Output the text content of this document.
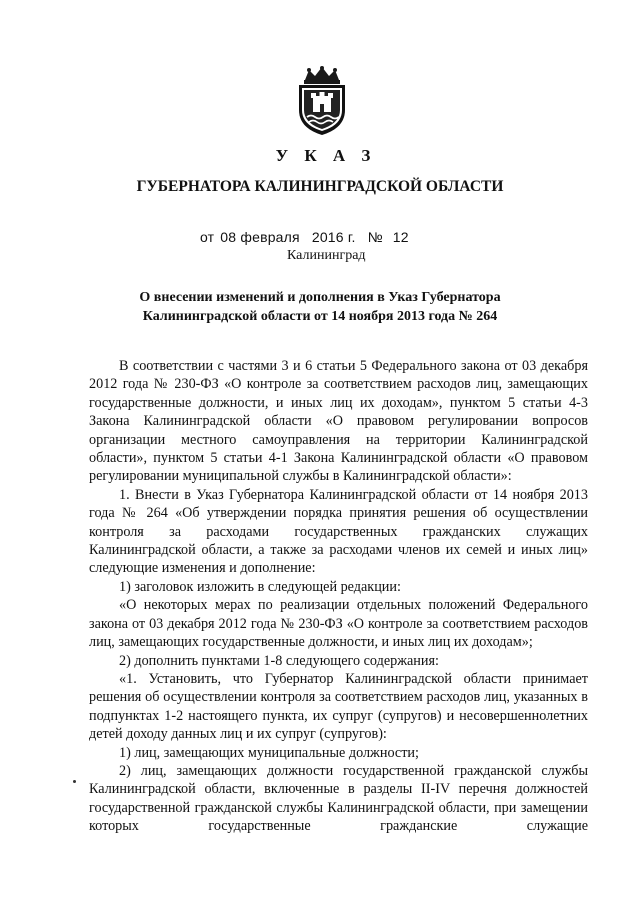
У К А З
ГУБЕРНАТОРА КАЛИНИНГРАДСКОЙ ОБЛАСТИ
от 08 февраля 2016 г. № 12
Калининград
О внесении изменений и дополнения в Указ Губернатора
Калининградской области от 14 ноября 2013 года № 264

В соответствии с частями 3 и 6 статьи 5 Федерального закона от 03 декабря 2012 года № 230-ФЗ «О контроле за соответствием расходов лиц, замещающих государственные должности, и иных лиц их доходам», пунктом 5 статьи 4-3 Закона Калининградской области «О правовом регулировании вопросов организации местного самоуправления на территории Калининградской области», пунктом 5 статьи 4-1 Закона Калининградской области «О правовом регулировании муниципальной службы в Калининградской области»:

1. Внести в Указ Губернатора Калининградской области от 14 ноября 2013 года № 264 «Об утверждении порядка принятия решения об осуществлении контроля за расходами государственных гражданских служащих Калининградской области, а также за расходами членов их семей и иных лиц» следующие изменения и дополнение:

1) заголовок изложить в следующей редакции:

«О некоторых мерах по реализации отдельных положений Федерального закона от 03 декабря 2012 года № 230-ФЗ «О контроле за соответствием расходов лиц, замещающих государственные должности, и иных лиц их доходам»;

2) дополнить пунктами 1-8 следующего содержания:

«1. Установить, что Губернатор Калининградской области принимает решения об осуществлении контроля за соответствием расходов лиц, указанных в подпунктах 1-2 настоящего пункта, их супруг (супругов) и несовершеннолетних детей доходу данных лиц и их супруг (супругов):

1) лиц, замещающих муниципальные должности;

2) лиц, замещающих должности государственной гражданской службы Калининградской области, включенные в разделы II-IV перечня должностей государственной гражданской службы Калининградской области, при замещении которых государственные гражданские служащие
